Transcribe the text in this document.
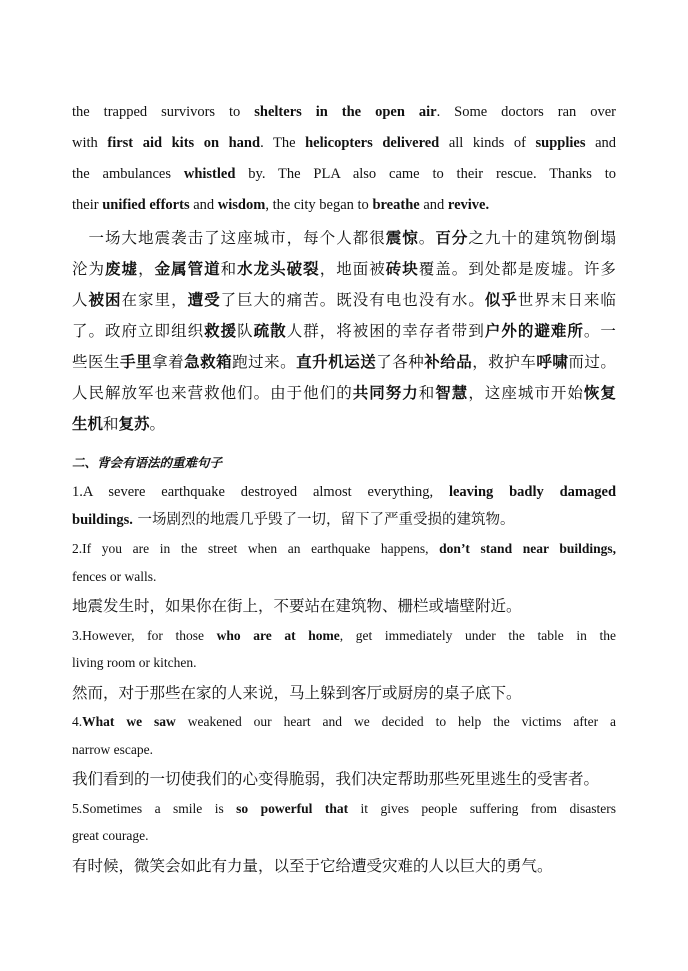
the trapped survivors to shelters in the open air. Some doctors ran over
with first aid kits on hand. The helicopters delivered all kinds of supplies and
the ambulances whistled by. The PLA also came to their rescue. Thanks to
their unified efforts and wisdom, the city began to breathe and revive.
　一场大地震袭击了这座城市，每个人都很震惊。百分之九十的建筑物倒塌
沦为废墟，金属管道和水龙头破裂，地面被砖块覆盖。到处都是废墟。许多
人被困在家里，遭受了巨大的痛苦。既没有电也没有水。似乎世界末日来临
了。政府立即组织救援队疏散人群，将被困的幸存者带到户外的避难所。一
些医生手里拿着急救箱跑过来。直升机运送了各种补给品，救护车呼啸而过。
人民解放军也来营救他们。由于他们的共同努力和智慧，这座城市开始恢复
生机和复苏。
二、背会有语法的重难句子
1.A severe earthquake destroyed almost everything, leaving badly damaged
buildings. 一场剧烈的地震几乎毁了一切，留下了严重受损的建筑物。
2.If you are in the street when an earthquake happens, don’t stand near buildings,
fences or walls.
地震发生时，如果你在街上，不要站在建筑物、栅栏或墙壁附近。
3.However, for those who are at home, get immediately under the table in the
living room or kitchen.
然而，对于那些在家的人来说，马上躲到客厅或厨房的桌子底下。
4.What we saw weakened our heart and we decided to help the victims after a
narrow escape.
我们看到的一切使我们的心变得脆弱，我们决定帮助那些死里逃生的受害者。
5.Sometimes a smile is so powerful that it gives people suffering from disasters
great courage.
有时候，微笑会如此有力量，以至于它给遭受灾难的人以巨大的勇气。
